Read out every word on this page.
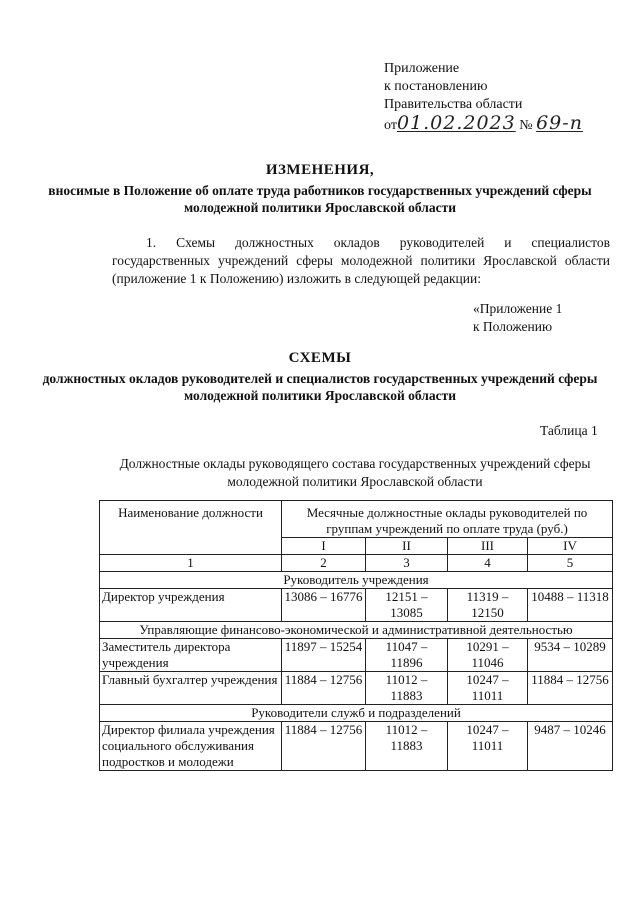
Приложение
к постановлению
Правительства области
от01.02.2023 № 69-п
ИЗМЕНЕНИЯ,
вносимые в Положение об оплате труда работников государственных учреждений сферы молодежной политики Ярославской области
1. Схемы должностных окладов руководителей и специалистов государственных учреждений сферы молодежной политики Ярославской области (приложение 1 к Положению) изложить в следующей редакции:
«Приложение 1
к Положению
СХЕМЫ
должностных окладов руководителей и специалистов государственных учреждений сферы молодежной политики Ярославской области
Таблица 1
Должностные оклады руководящего состава государственных учреждений сферы молодежной политики Ярославской области
Наименование должности	Месячные должностные оклады руководителей по группам учреждений по оплате труда (руб.)			
	I	II	III	IV
1	2	3	4	5
Руководитель учреждения				
Директор учреждения	13086 – 16776	12151 – 13085	11319 – 12150	10488 – 11318
Управляющие финансово-экономической и административной деятельностью				
Заместитель директора учреждения	11897 – 15254	11047 – 11896	10291 – 11046	9534 – 10289
Главный бухгалтер учреждения	11884 – 12756	11012 – 11883	10247 – 11011	11884 – 12756
Руководители служб и подразделений				
Директор филиала учреждения социального обслуживания подростков и молодежи	11884 – 12756	11012 – 11883	10247 – 11011	9487 – 10246
